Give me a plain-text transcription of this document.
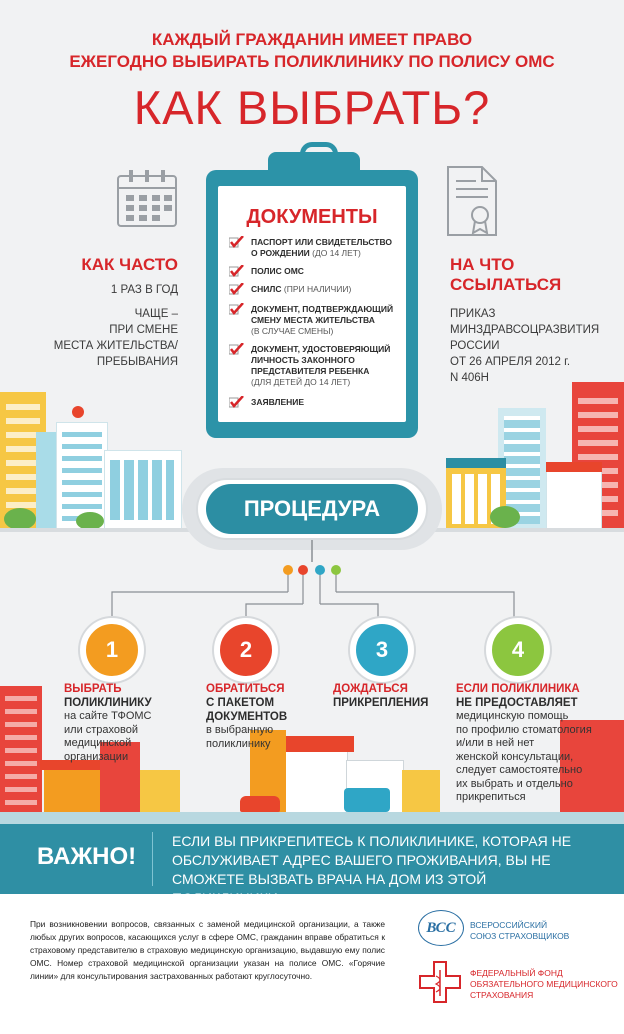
КАЖДЫЙ ГРАЖДАНИН ИМЕЕТ ПРАВО
ЕЖЕГОДНО ВЫБИРАТЬ ПОЛИКЛИНИКУ ПО ПОЛИСУ ОМС
КАК ВЫБРАТЬ?
КАК ЧАСТО
1 РАЗ В ГОД
ЧАЩЕ –
ПРИ СМЕНЕ
МЕСТА ЖИТЕЛЬСТВА/
ПРЕБЫВАНИЯ
НА ЧТО
ССЫЛАТЬСЯ
ПРИКАЗ
МИНЗДРАВСОЦРАЗВИТИЯ
РОССИИ
ОТ 26 АПРЕЛЯ 2012 г.
N 406Н
ДОКУМЕНТЫ
ПАСПОРТ ИЛИ СВИДЕТЕЛЬСТВО
О РОЖДЕНИИ (ДО 14 ЛЕТ)
ПОЛИС ОМС
СНИЛС (ПРИ НАЛИЧИИ)
ДОКУМЕНТ, ПОДТВЕРЖДАЮЩИЙ
СМЕНУ МЕСТА ЖИТЕЛЬСТВА
(В СЛУЧАЕ СМЕНЫ)
ДОКУМЕНТ, УДОСТОВЕРЯЮЩИЙ
ЛИЧНОСТЬ ЗАКОННОГО
ПРЕДСТАВИТЕЛЯ РЕБЕНКА
(ДЛЯ ДЕТЕЙ ДО 14 ЛЕТ)
ЗАЯВЛЕНИЕ
ПРОЦЕДУРА
1
ВЫБРАТЬ
ПОЛИКЛИНИКУ
на сайте ТФОМС
или страховой
медицинской
организации
2
ОБРАТИТЬСЯ
С ПАКЕТОМ
ДОКУМЕНТОВ
в выбранную
поликлинику
3
ДОЖДАТЬСЯ
ПРИКРЕПЛЕНИЯ
4
ЕСЛИ ПОЛИКЛИНИКА
НЕ ПРЕДОСТАВЛЯЕТ
медицинскую помощь
по профилю стоматология
и/или в ней нет
женской консультации,
следует самостоятельно
их выбрать и отдельно
прикрепиться
ВАЖНО!
ЕСЛИ ВЫ ПРИКРЕПИТЕСЬ К ПОЛИКЛИНИКЕ, КОТОРАЯ НЕ
ОБСЛУЖИВАЕТ АДРЕС ВАШЕГО ПРОЖИВАНИЯ, ВЫ НЕ
СМОЖЕТЕ ВЫЗВАТЬ ВРАЧА НА ДОМ ИЗ ЭТОЙ
При возникновении вопросов, связанных с заменой медицинской организации, а также любых других вопросов, касающихся услуг в сфере ОМС, гражданин вправе обратиться к страховому представителю в страховую медицинскую организацию, выдавшую ему полис ОМС. Номер страховой медицинской организации указан на полисе ОМС. «Горячие линии» для консультирования застрахованных работают круглосуточно.
ВСС	ВСЕРОССИЙСКИЙ
СОЮЗ СТРАХОВЩИКОВ
ФЕДЕРАЛЬНЫЙ ФОНД
ОБЯЗАТЕЛЬНОГО МЕДИЦИНСКОГО
СТРАХОВАНИЯ
